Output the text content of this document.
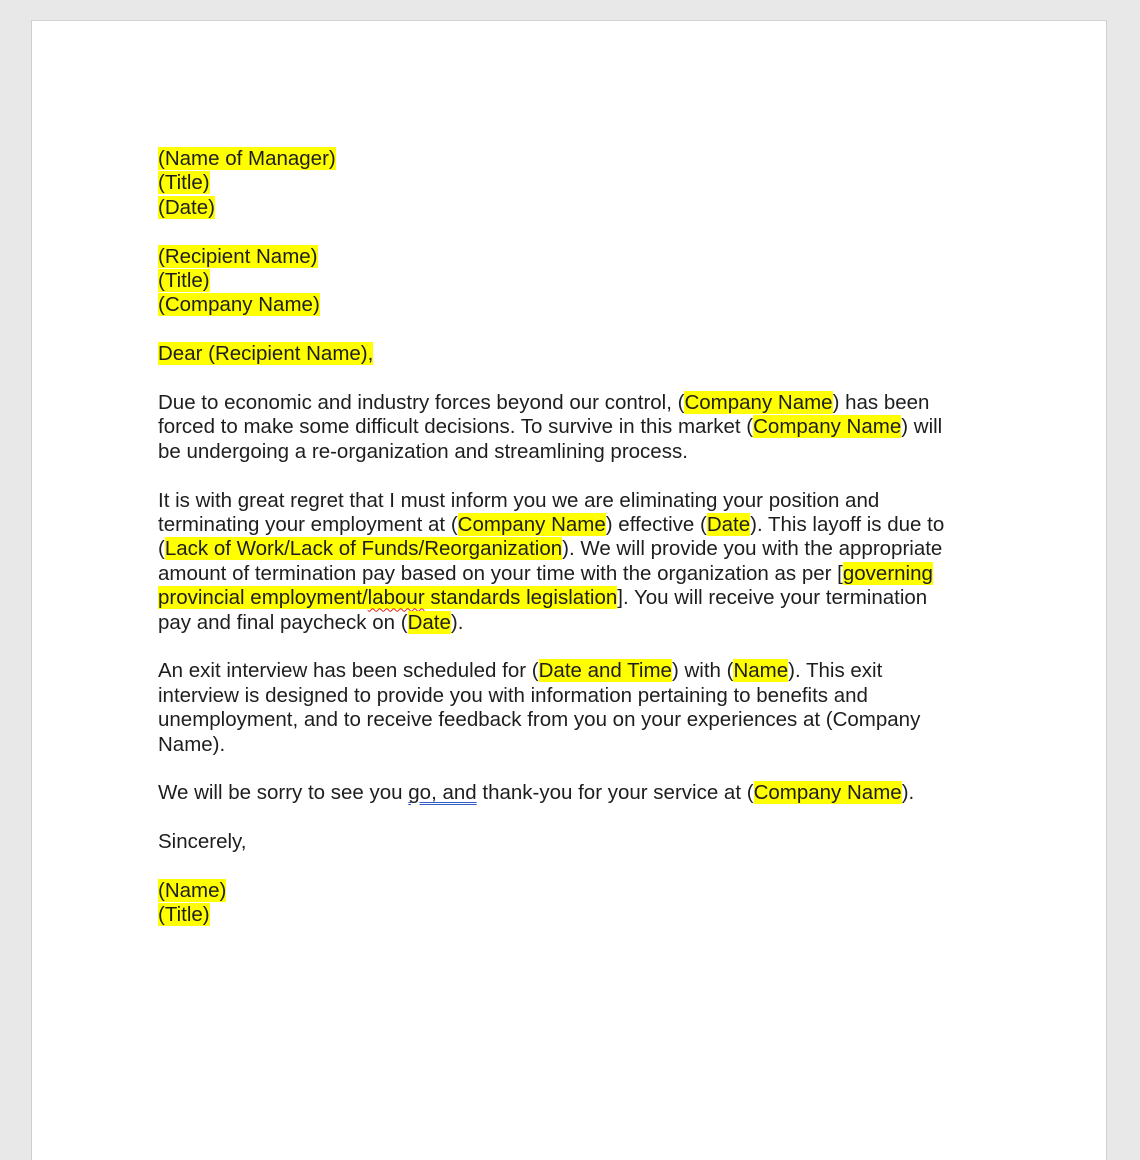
(Name of Manager)
(Title)
(Date)
(Recipient Name)
(Title)
(Company Name)
Dear (Recipient Name),
Due to economic and industry forces beyond our control, (Company Name) has been
forced to make some difficult decisions. To survive in this market (Company Name) will
be undergoing a re-organization and streamlining process.
It is with great regret that I must inform you we are eliminating your position and
terminating your employment at (Company Name) effective (Date). This layoff is due to
(Lack of Work/Lack of Funds/Reorganization). We will provide you with the appropriate
amount of termination pay based on your time with the organization as per [governing
provincial employment/labour standards legislation]. You will receive your termination
pay and final paycheck on (Date).
An exit interview has been scheduled for (Date and Time) with (Name). This exit
interview is designed to provide you with information pertaining to benefits and
unemployment, and to receive feedback from you on your experiences at (Company
Name).
We will be sorry to see you go, and thank-you for your service at (Company Name).
Sincerely,
(Name)
(Title)
